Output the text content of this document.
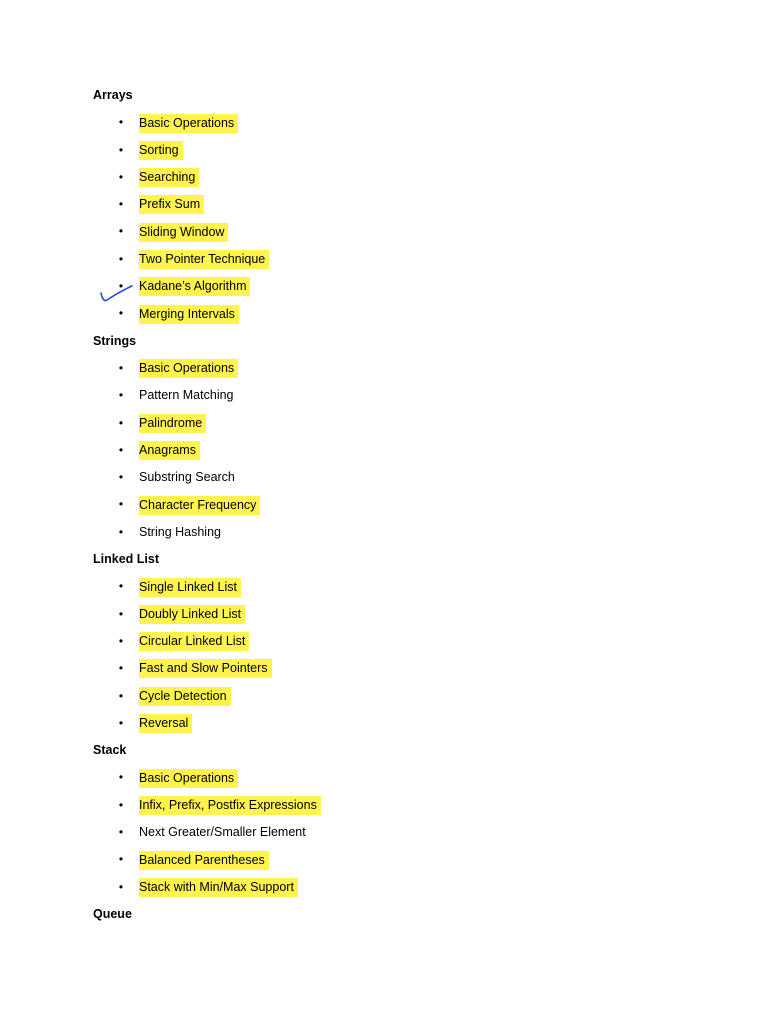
Arrays
• Basic Operations
• Sorting
• Searching
• Prefix Sum
• Sliding Window
• Two Pointer Technique
• Kadane’s Algorithm
• Merging Intervals
Strings
• Basic Operations
• Pattern Matching
• Palindrome
• Anagrams
• Substring Search
• Character Frequency
• String Hashing
Linked List
• Single Linked List
• Doubly Linked List
• Circular Linked List
• Fast and Slow Pointers
• Cycle Detection
• Reversal
Stack
• Basic Operations
• Infix, Prefix, Postfix Expressions
• Next Greater/Smaller Element
• Balanced Parentheses
• Stack with Min/Max Support
Queue
